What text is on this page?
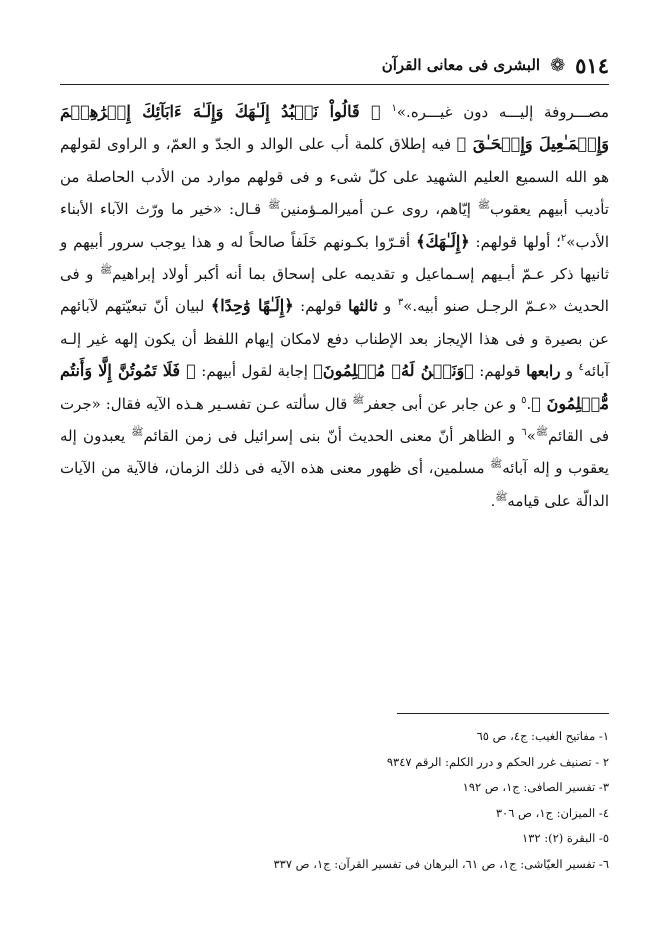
٥١٤
❁
البشرى فى معانى القرآن

مصـــروفة إليـــه دون غيـــره.»$^١$ ﴿ قَالُواْ نَعۡبُدُ إِلَـٰهَكَ وَإِلَـٰهَ ءَابَآئِكَ إِبۡرَٰهِـۧمَ وَإِسۡمَـٰعِيلَ وَإِسۡحَـٰقَ ﴾ فيه إطلاق كلمة أب على الوالد و الجدّ و العمّ، و الراوى لقولهم هو الله السميع العليم الشهيد على كلّ شىء و فى قولهم موارد من الأدب الحاصلة من تأديب أبيهم يعقوب$^ﷺ$ إيّاهم، روى عـن أميرالمـؤمنين$^ﷺ$ قـال: «خير ما ورّث الآباء الأبناء الأدب»$^٢$؛ أولها قولهم: ﴿إِلَـٰهَكَ﴾ أقـرّوا بكـونهم خَلَفاً صالحاً له و هذا يوجب سرور أبيهم و ثانيها ذكر عـمّ أبـيهم إسـماعيل و تقديمه على إسحاق بما أنه أكبر أولاد إبراهيم$^ﷺ$ و فى الحديث «عـمّ الرجـل صنو أبيه.»$^٣$ و ثالثها قولهم: ﴿إِلَـٰهًا وَٰحِدًا﴾ لبيان أنّ تبعيّتهم لآبائهم عن بصيرة و فى هذا الإيجاز بعد الإطناب دفع لامكان إيهام اللفظ أن يكون إلهه غير إلـه آبائه$^٤$ و رابعها قولهم: ﴿وَنَحۡنُ لَهُۥ مُسۡلِمُونَ﴾ إجابة لقول أبيهم: ﴿ فَلَا تَمُوتُنَّ إِلَّا وَأَنتُم مُّسۡلِمُونَ ﴾.$^٥$ و عن جابر عن أبى جعفر$^ﷺ$ قال سألته عـن تفسـير هـذه الآيه فقال: «جرت فى القائم$^ﷺ$»$^٦$ و الظاهر أنّ معنى الحديث أنّ بنى إسرائيل فى زمن القائم$^ﷺ$ يعبدون إله يعقوب و إله آبائه$^ﷺ$ مسلمين، أى ظهور معنى هذه الآيه فى ذلك الزمان، فالآية من الآيات الدالّة على قيامه$^ﷺ$.

١- مفاتيح الغيب: ج٤، ص ٦٥
٢ - تصنيف غرر الحكم و درر الكلم: الرقم ٩٣٤٧
٣- تفسير الصافى: ج١، ص ١٩٢
٤- الميزان: ج١، ص ٣٠٦
٥- البقرة (٢): ١٣٢
٦- تفسير العيّاشى: ج١، ص ٦١، البرهان فى تفسير القرآن: ج١، ص ٣٣٧
